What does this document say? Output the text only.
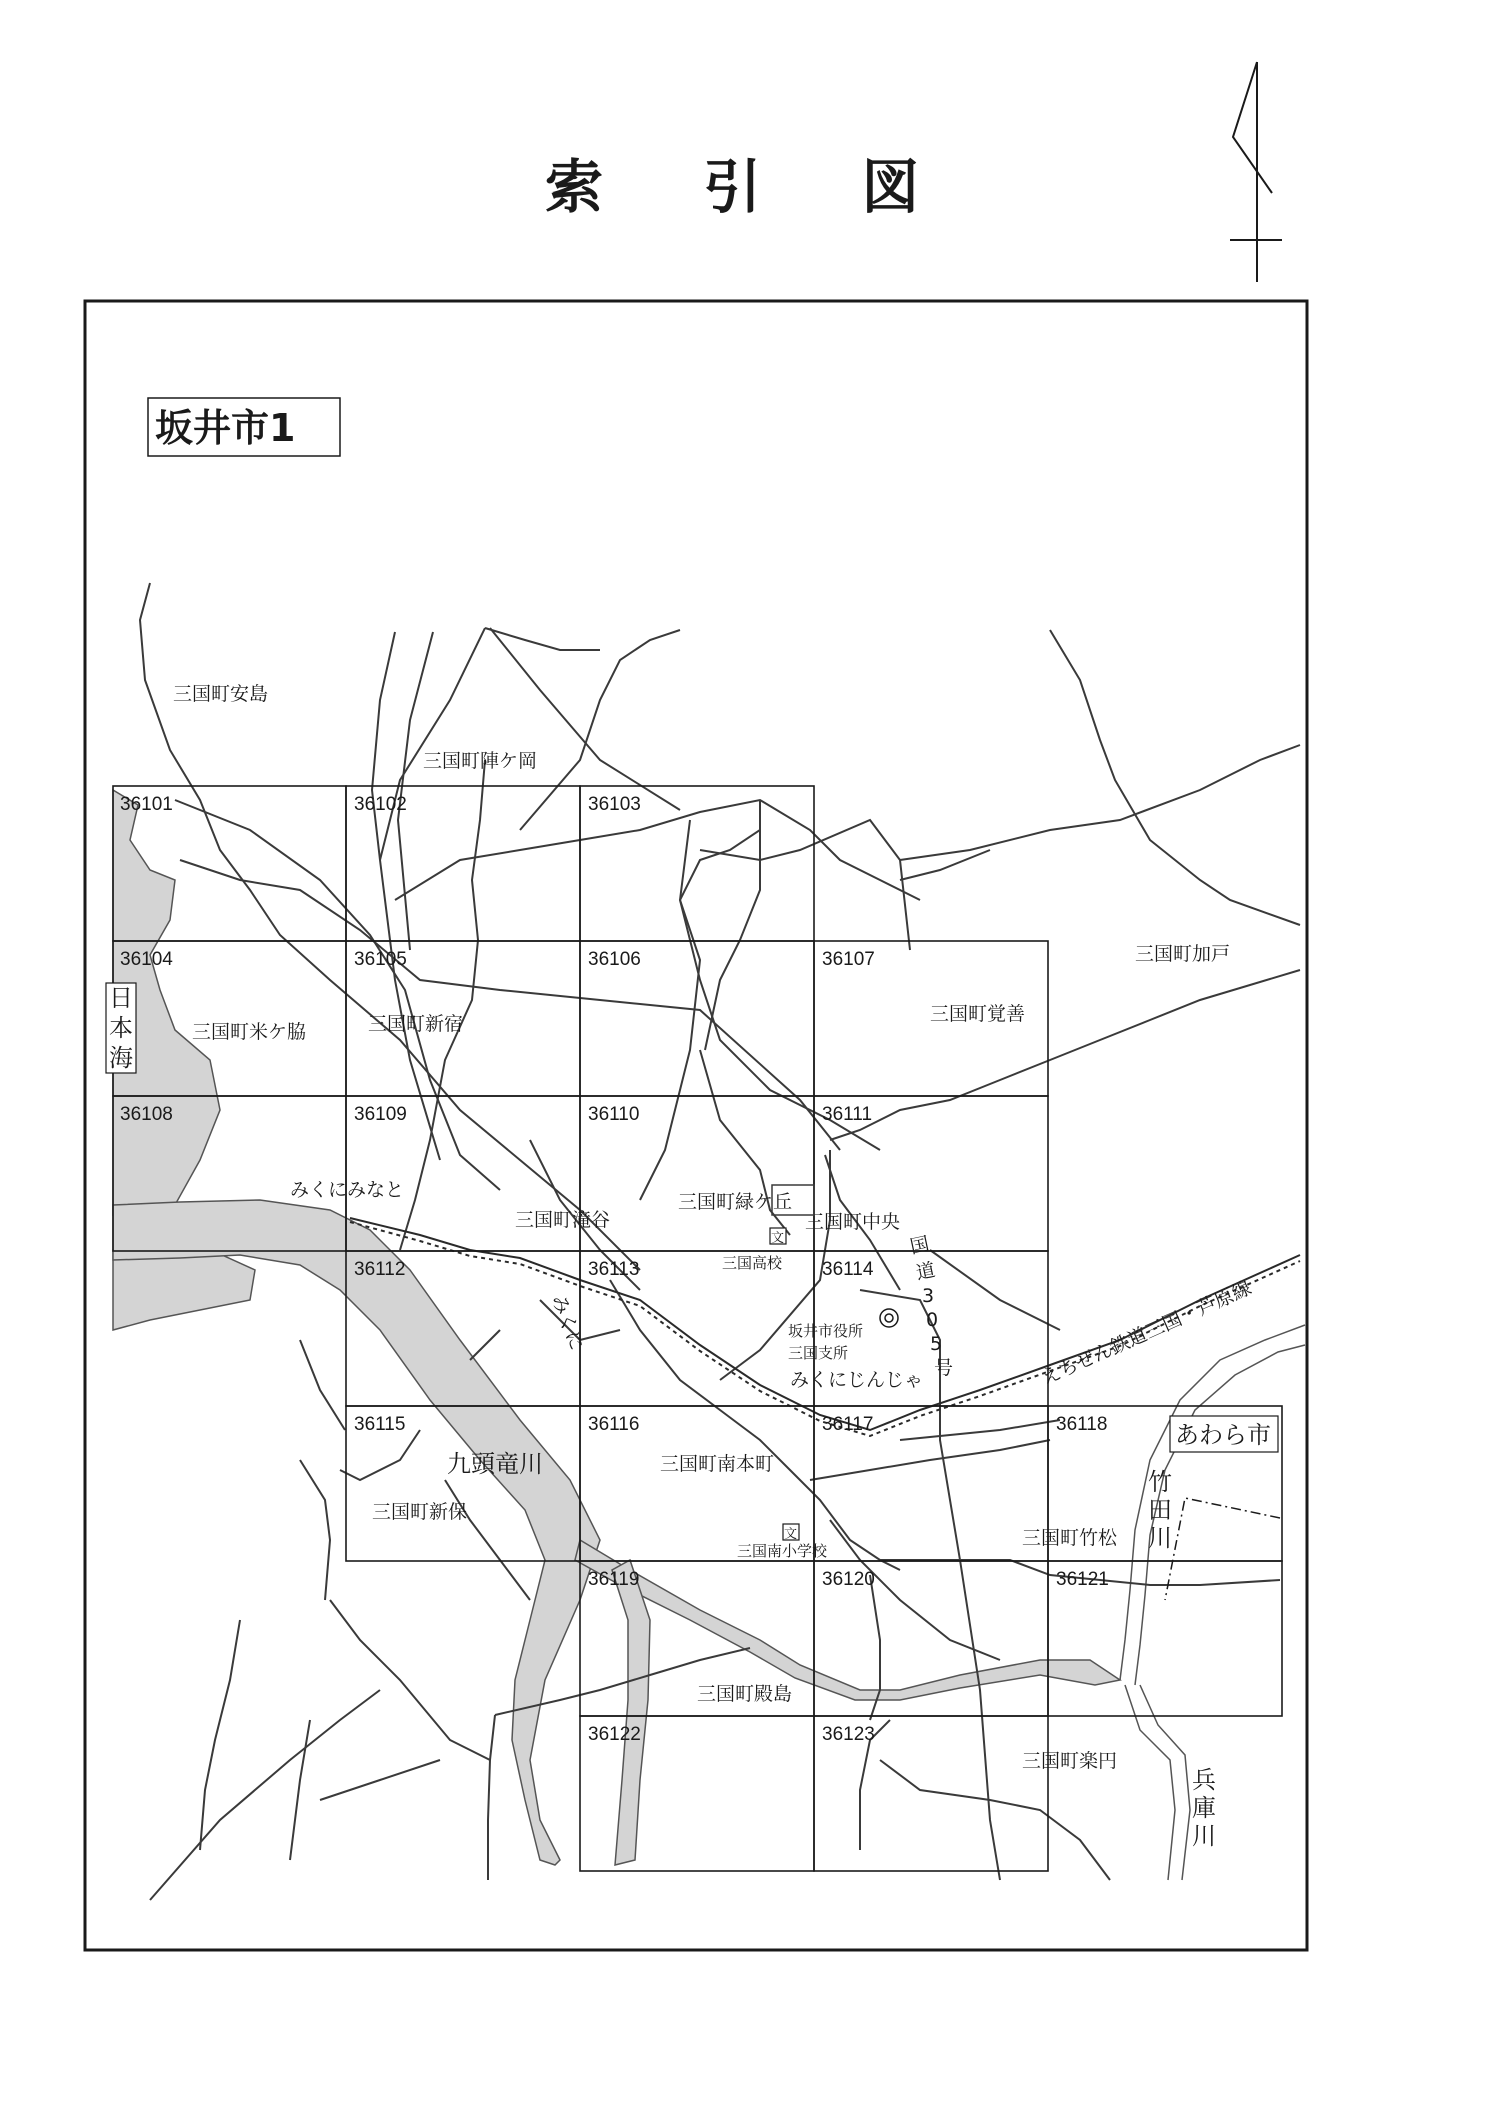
索 引 図
36101	36102	36103
36104	36105	36106	36107
36108	36109	36110	36111
36112	36113	36114
36115	36116	36117	36118
36119	36120	36121
36122	36123
坂井市1
あわら市
日
本
海
三国町安島
三国町陣ケ岡
三国町加戸
三国町米ケ脇	三国町新宿	三国町覚善
みくにみなと
三国町滝谷
三国町緑ケ丘
三国町中央
三国高校
坂井市役所
三国支所
みくにじんじゃ
みくに
九頭竜川
三国町新保
三国町南本町
三国南小学校
三国町竹松
三国町殿島
三国町楽円
えちぜん鉄道三国・芦原線
文
文
国
道
3
0
5
号
竹
田
川
兵
庫
川
